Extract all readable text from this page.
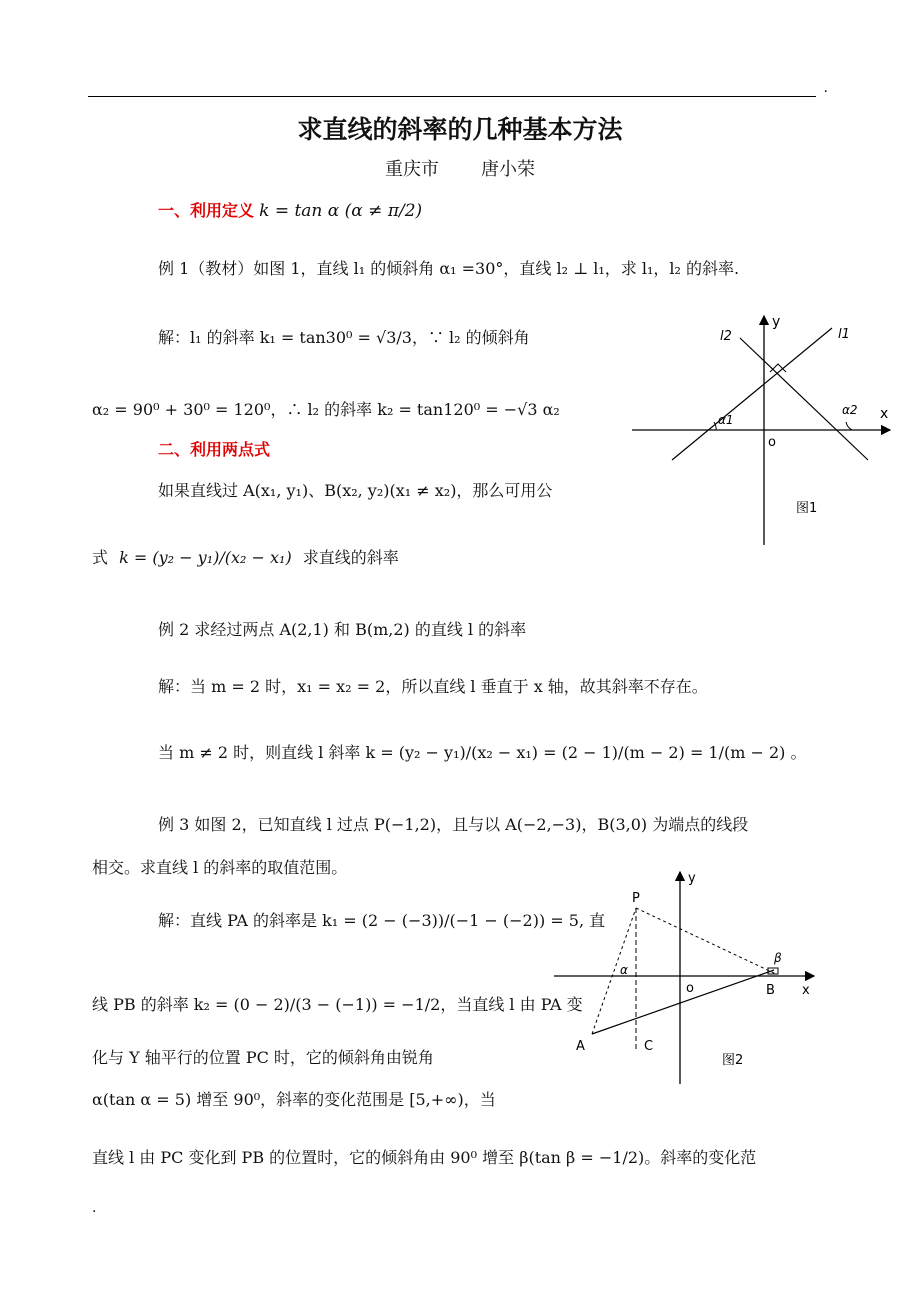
.
求直线的斜率的几种基本方法
重庆市 唐小荣
一、利用定义 k = tan α (α ≠ π/2)
例 1（教材）如图 1，直线 l₁ 的倾斜角 α₁ =30°，直线 l₂ ⊥ l₁，求 l₁，l₂ 的斜率.
解：l₁ 的斜率 k₁ = tan30⁰ = √3/3，∵ l₂ 的倾斜角
α₂ = 90⁰ + 30⁰ = 120⁰，∴ l₂ 的斜率 k₂ = tan120⁰ = −√3 α₂
y
x
o
l1
l2
α1
α2
图1
二、利用两点式
如果直线过 A(x₁, y₁)、B(x₂, y₂)(x₁ ≠ x₂)，那么可用公
式 k = (y₂ − y₁)/(x₂ − x₁) 求直线的斜率
例 2 求经过两点 A(2,1) 和 B(m,2) 的直线 l 的斜率
解：当 m = 2 时，x₁ = x₂ = 2，所以直线 l 垂直于 x 轴，故其斜率不存在。
当 m ≠ 2 时，则直线 l 斜率 k = (y₂ − y₁)/(x₂ − x₁) = (2 − 1)/(m − 2) = 1/(m − 2) 。
例 3 如图 2，已知直线 l 过点 P(−1,2)，且与以 A(−2,−3)，B(3,0) 为端点的线段
相交。求直线 l 的斜率的取值范围。
解：直线 PA 的斜率是 k₁ = (2 − (−3))/(−1 − (−2)) = 5, 直
线 PB 的斜率 k₂ = (0 − 2)/(3 − (−1)) = −1/2，当直线 l 由 PA 变
化与 Y 轴平行的位置 PC 时，它的倾斜角由锐角
α(tan α = 5) 增至 90⁰，斜率的变化范围是 [5,+∞)，当
直线 l 由 PC 变化到 PB 的位置时，它的倾斜角由 90⁰ 增至 β(tan β = −1/2)。斜率的变化范
P
A
B
C
o
y
x
α
β
图2
.
